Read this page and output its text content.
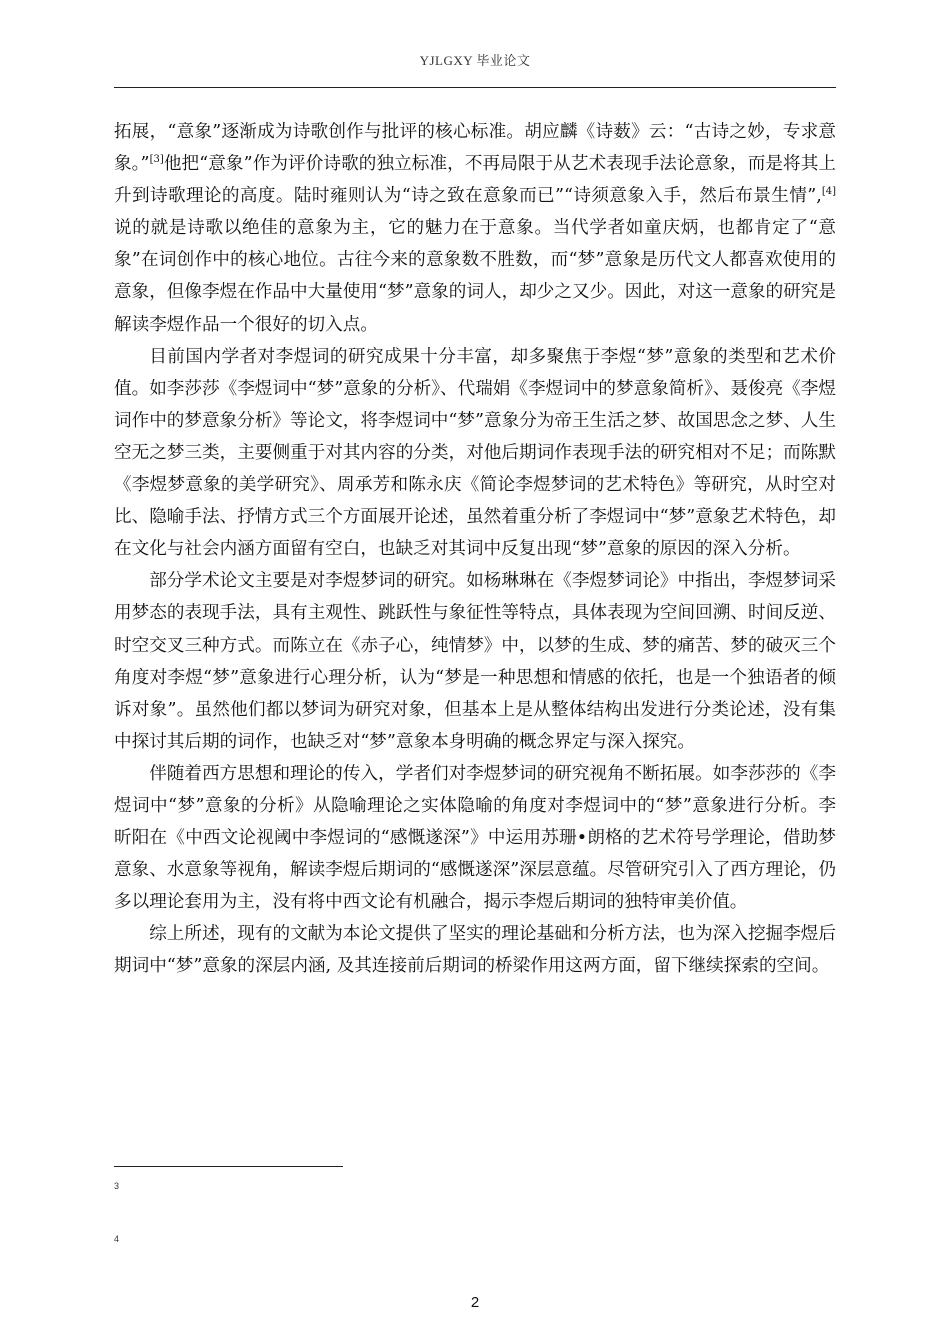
YJLGXY 毕业论文

拓展，“意象”逐渐成为诗歌创作与批评的核心标准。胡应麟《诗薮》云：“古诗之妙，专求意象。”[3]他把“意象”作为评价诗歌的独立标准，不再局限于从艺术表现手法论意象，而是将其上升到诗歌理论的高度。陆时雍则认为“诗之致在意象而已”“诗须意象入手，然后布景生情”,[4]说的就是诗歌以绝佳的意象为主，它的魅力在于意象。当代学者如童庆炳，也都肯定了“意象”在词创作中的核心地位。古往今来的意象数不胜数，而“梦”意象是历代文人都喜欢使用的意象，但像李煜在作品中大量使用“梦”意象的词人，却少之又少。因此，对这一意象的研究是解读李煜作品一个很好的切入点。

目前国内学者对李煜词的研究成果十分丰富，却多聚焦于李煜“梦”意象的类型和艺术价值。如李莎莎《李煜词中“梦”意象的分析》、代瑞娟《李煜词中的梦意象简析》、聂俊亮《李煜词作中的梦意象分析》等论文，将李煜词中“梦”意象分为帝王生活之梦、故国思念之梦、人生空无之梦三类，主要侧重于对其内容的分类，对他后期词作表现手法的研究相对不足；而陈默《李煜梦意象的美学研究》、周承芳和陈永庆《简论李煜梦词的艺术特色》等研究，从时空对比、隐喻手法、抒情方式三个方面展开论述，虽然着重分析了李煜词中“梦”意象艺术特色，却在文化与社会内涵方面留有空白，也缺乏对其词中反复出现“梦”意象的原因的深入分析。

部分学术论文主要是对李煜梦词的研究。如杨琳琳在《李煜梦词论》中指出，李煜梦词采用梦态的表现手法，具有主观性、跳跃性与象征性等特点，具体表现为空间回溯、时间反逆、时空交叉三种方式。而陈立在《赤子心，纯情梦》中，以梦的生成、梦的痛苦、梦的破灭三个角度对李煜“梦”意象进行心理分析，认为“梦是一种思想和情感的依托，也是一个独语者的倾诉对象”。虽然他们都以梦词为研究对象，但基本上是从整体结构出发进行分类论述，没有集中探讨其后期的词作，也缺乏对“梦”意象本身明确的概念界定与深入探究。

伴随着西方思想和理论的传入，学者们对李煜梦词的研究视角不断拓展。如李莎莎的《李煜词中“梦”意象的分析》从隐喻理论之实体隐喻的角度对李煜词中的“梦”意象进行分析。李昕阳在《中西文论视阈中李煜词的“感慨遂深”》中运用苏珊•朗格的艺术符号学理论，借助梦意象、水意象等视角，解读李煜后期词的“感慨遂深”深层意蕴。尽管研究引入了西方理论，仍多以理论套用为主，没有将中西文论有机融合，揭示李煜后期词的独特审美价值。

综上所述，现有的文献为本论文提供了坚实的理论基础和分析方法，也为深入挖掘李煜后期词中“梦”意象的深层内涵, 及其连接前后期词的桥梁作用这两方面，留下继续探索的空间。

3
4
2
